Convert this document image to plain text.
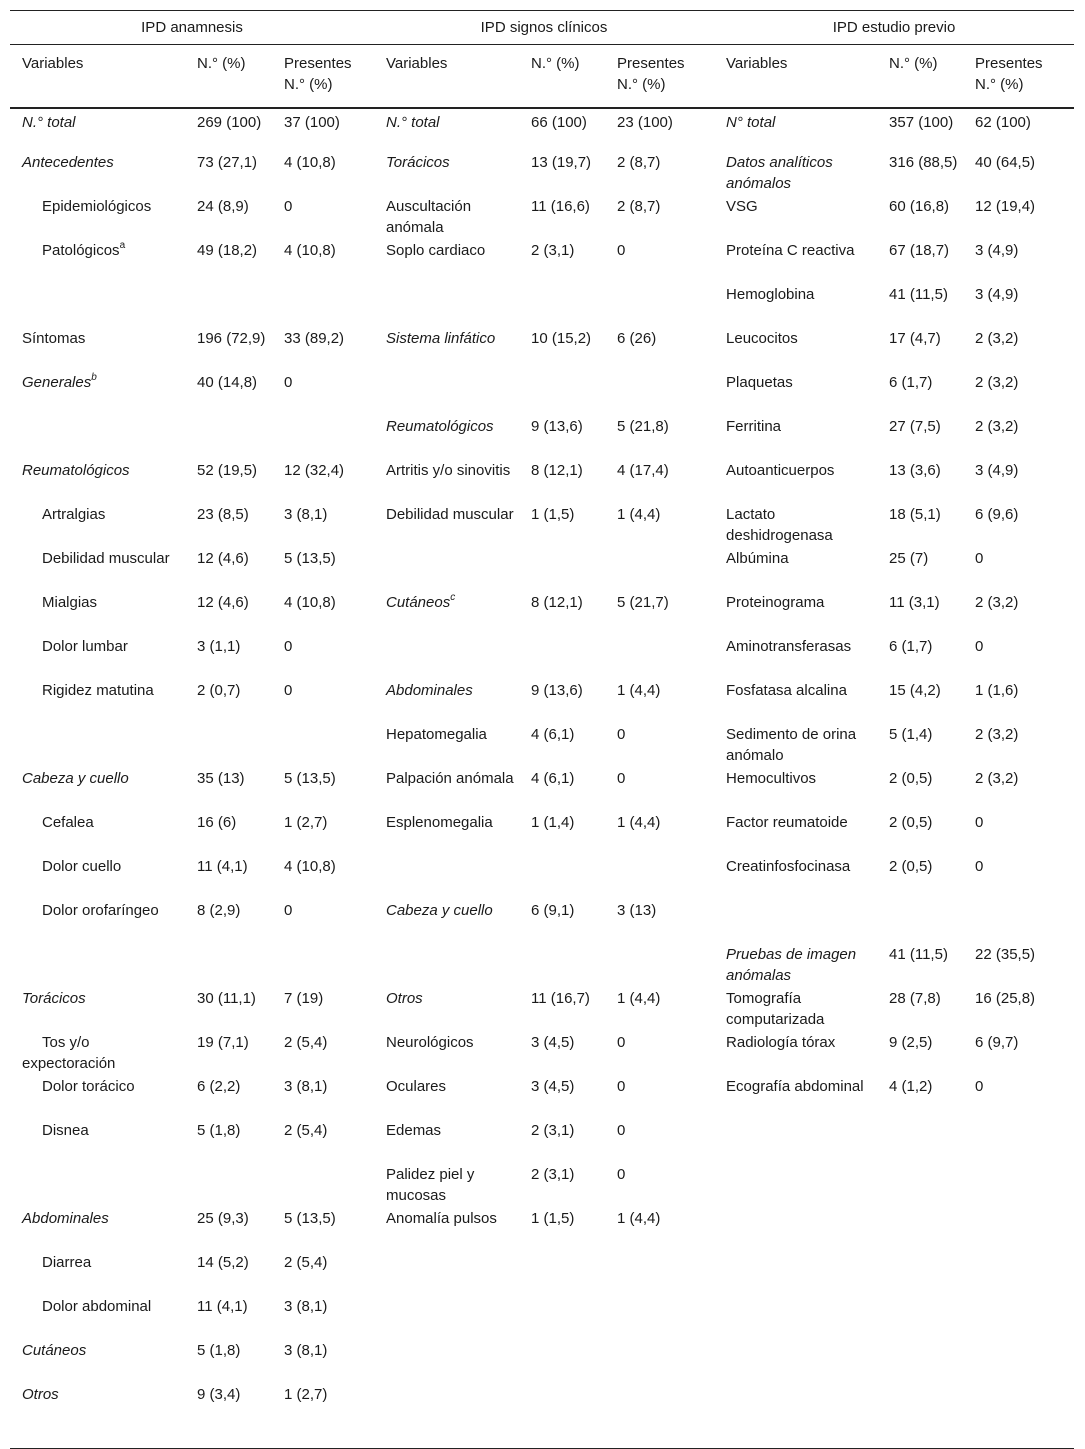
IPD anamnesis			IPD signos clínicos			IPD estudio previo		
Variables	N.° (%)	Presentes	Variables	N.° (%)	Presentes	Variables	N.° (%)	Presentes
		N.° (%)			N.° (%)			N.° (%)
N.° total	269 (100)	37 (100)	N.° total	66 (100)	23 (100)	N° total	357 (100)	62 (100)
Antecedentes	73 (27,1)	4 (10,8)	Torácicos	13 (19,7)	2 (8,7)	Datos analíticos anómalos	316 (88,5)	40 (64,5)
Epidemiológicos	24 (8,9)	0	Auscultación anómala	11 (16,6)	2 (8,7)	VSG	60 (16,8)	12 (19,4)
Patológicos$^a$	49 (18,2)	4 (10,8)	Soplo cardiaco	2 (3,1)	0	Proteína C reactiva	67 (18,7)	3 (4,9)
						Hemoglobina	41 (11,5)	3 (4,9)
Síntomas	196 (72,9)	33 (89,2)	Sistema linfático	10 (15,2)	6 (26)	Leucocitos	17 (4,7)	2 (3,2)
Generales$^b$	40 (14,8)	0				Plaquetas	6 (1,7)	2 (3,2)
			Reumatológicos	9 (13,6)	5 (21,8)	Ferritina	27 (7,5)	2 (3,2)
Reumatológicos	52 (19,5)	12 (32,4)	Artritis y/o sinovitis	8 (12,1)	4 (17,4)	Autoanticuerpos	13 (3,6)	3 (4,9)
Artralgias	23 (8,5)	3 (8,1)	Debilidad muscular	1 (1,5)	1 (4,4)	Lactato deshidrogenasa	18 (5,1)	6 (9,6)
Debilidad muscular	12 (4,6)	5 (13,5)				Albúmina	25 (7)	0
Mialgias	12 (4,6)	4 (10,8)	Cutáneos$^c$	8 (12,1)	5 (21,7)	Proteinograma	11 (3,1)	2 (3,2)
Dolor lumbar	3 (1,1)	0				Aminotransferasas	6 (1,7)	0
Rigidez matutina	2 (0,7)	0	Abdominales	9 (13,6)	1 (4,4)	Fosfatasa alcalina	15 (4,2)	1 (1,6)
			Hepatomegalia	4 (6,1)	0	Sedimento de orina anómalo	5 (1,4)	2 (3,2)
Cabeza y cuello	35 (13)	5 (13,5)	Palpación anómala	4 (6,1)	0	Hemocultivos	2 (0,5)	2 (3,2)
Cefalea	16 (6)	1 (2,7)	Esplenomegalia	1 (1,4)	1 (4,4)	Factor reumatoide	2 (0,5)	0
Dolor cuello	11 (4,1)	4 (10,8)				Creatinfosfocinasa	2 (0,5)	0
Dolor orofaríngeo	8 (2,9)	0	Cabeza y cuello	6 (9,1)	3 (13)			
						Pruebas de imagen anómalas	41 (11,5)	22 (35,5)
Torácicos	30 (11,1)	7 (19)	Otros	11 (16,7)	1 (4,4)	Tomografía computarizada	28 (7,8)	16 (25,8)
Tos y/o expectoración	19 (7,1)	2 (5,4)	Neurológicos	3 (4,5)	0	Radiología tórax	9 (2,5)	6 (9,7)
Dolor torácico	6 (2,2)	3 (8,1)	Oculares	3 (4,5)	0	Ecografía abdominal	4 (1,2)	0
Disnea	5 (1,8)	2 (5,4)	Edemas	2 (3,1)	0			
			Palidez piel y mucosas	2 (3,1)	0			
Abdominales	25 (9,3)	5 (13,5)	Anomalía pulsos	1 (1,5)	1 (4,4)			
Diarrea	14 (5,2)	2 (5,4)						
Dolor abdominal	11 (4,1)	3 (8,1)						
Cutáneos	5 (1,8)	3 (8,1)						
Otros	9 (3,4)	1 (2,7)						
